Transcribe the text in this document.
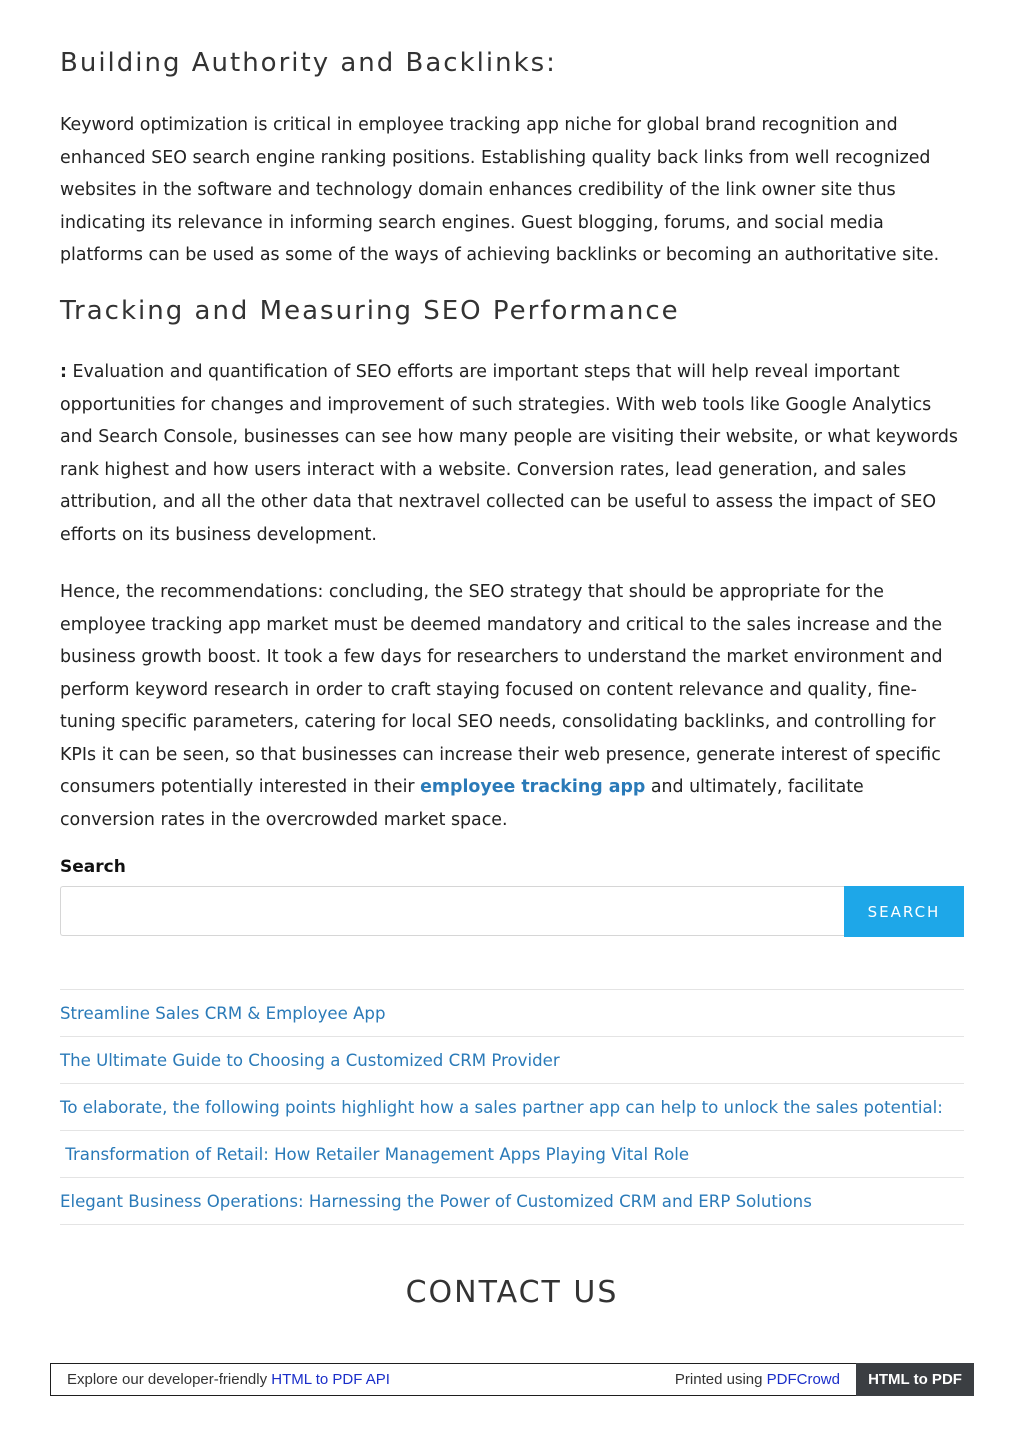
Building Authority and Backlinks:

Keyword optimization is critical in employee tracking app niche for global brand recognition and enhanced SEO search engine ranking positions. Establishing quality back links from well recognized websites in the software and technology domain enhances credibility of the link owner site thus indicating its relevance in informing search engines. Guest blogging, forums, and social media platforms can be used as some of the ways of achieving backlinks or becoming an authoritative site.

Tracking and Measuring SEO Performance

: Evaluation and quantification of SEO efforts are important steps that will help reveal important opportunities for changes and improvement of such strategies. With web tools like Google Analytics and Search Console, businesses can see how many people are visiting their website, or what keywords rank highest and how users interact with a website. Conversion rates, lead generation, and sales attribution, and all the other data that nextravel collected can be useful to assess the impact of SEO efforts on its business development.

Hence, the recommendations: concluding, the SEO strategy that should be appropriate for the employee tracking app market must be deemed mandatory and critical to the sales increase and the business growth boost. It took a few days for researchers to understand the market environment and perform keyword research in order to craft staying focused on content relevance and quality, fine-tuning specific parameters, catering for local SEO needs, consolidating backlinks, and controlling for KPIs it can be seen, so that businesses can increase their web presence, generate interest of specific consumers potentially interested in their employee tracking app and ultimately, facilitate conversion rates in the overcrowded market space.

Search
SEARCH
Streamline Sales CRM & Employee App
The Ultimate Guide to Choosing a Customized CRM Provider
To elaborate, the following points highlight how a sales partner app can help to unlock the sales potential:
Transformation of Retail: How Retailer Management Apps Playing Vital Role
Elegant Business Operations: Harnessing the Power of Customized CRM and ERP Solutions
CONTACT US
Explore our developer-friendly HTML to PDF API	Printed using PDFCrowd	HTML to PDF
